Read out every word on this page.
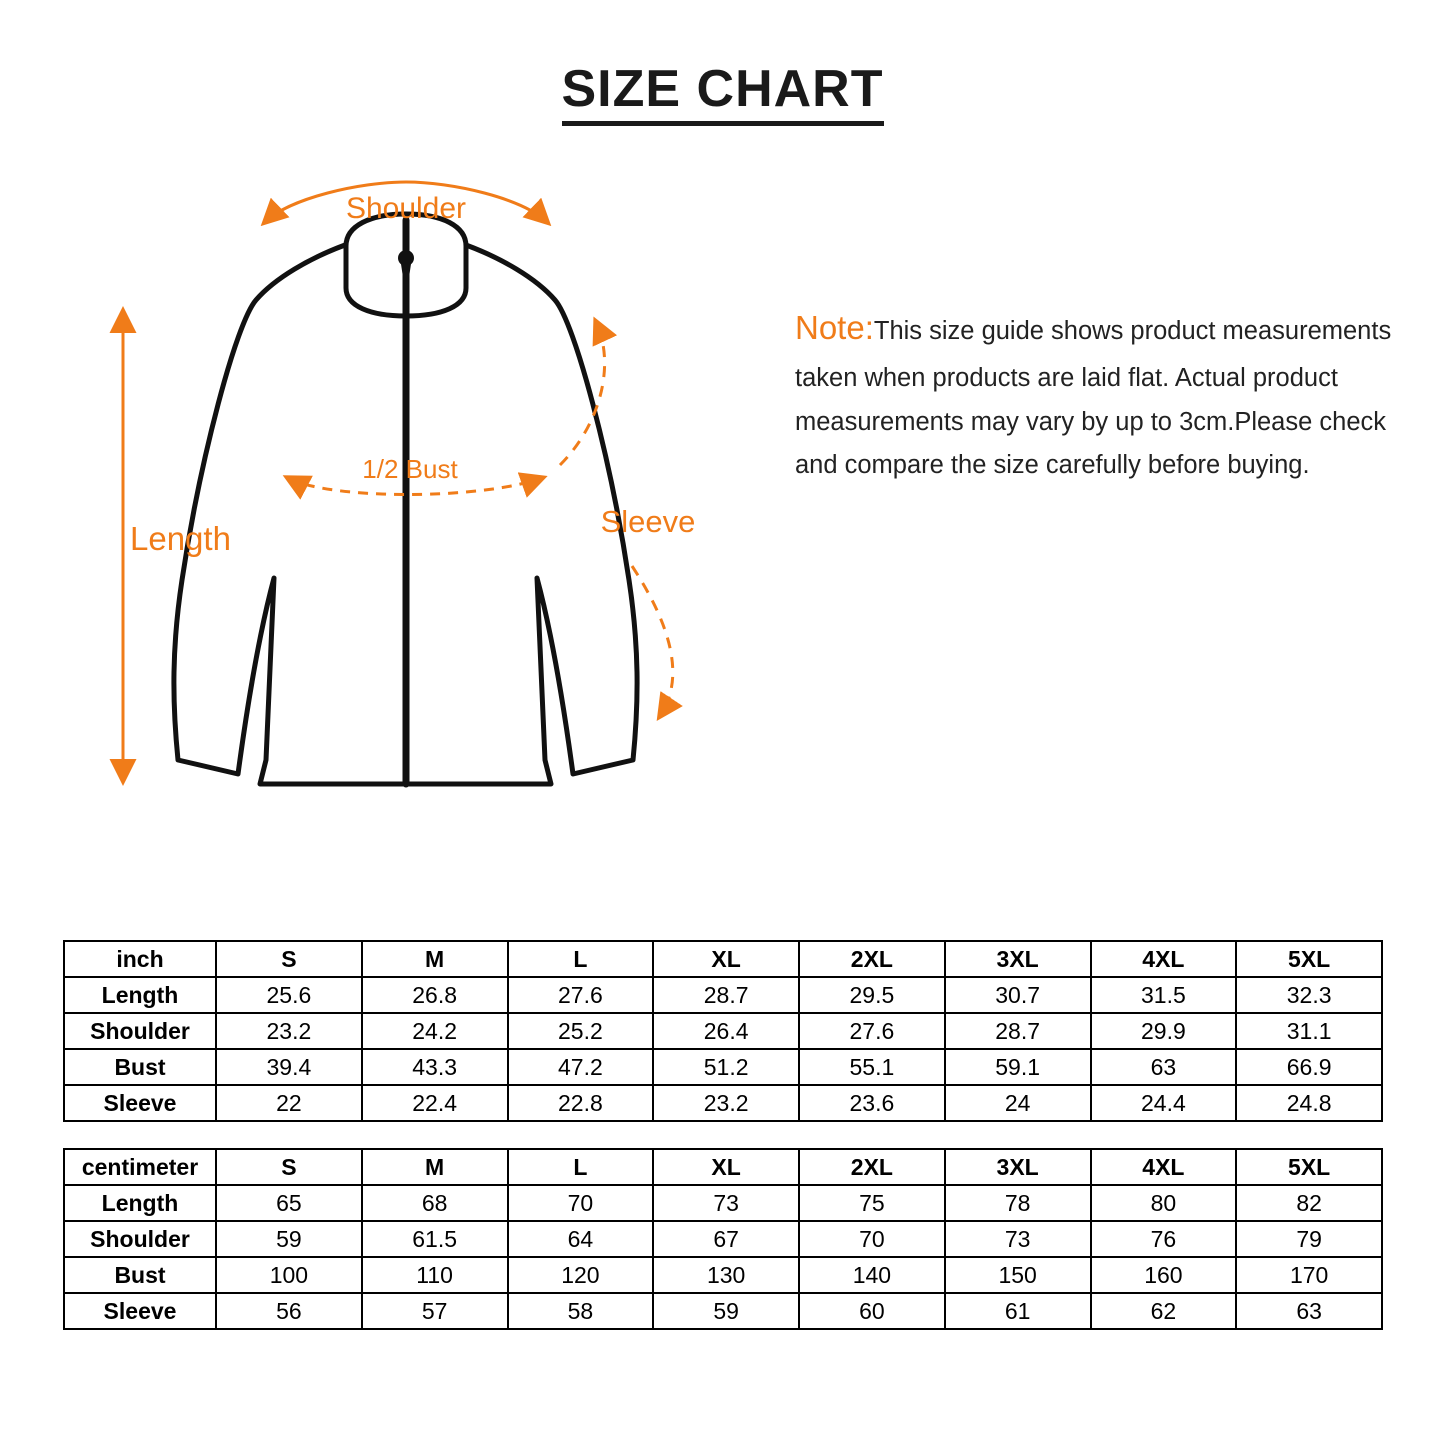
SIZE CHART
Shoulder
1/2 Bust
Length	Sleeve
Note:This size guide shows product measurements taken when products are laid flat. Actual product measurements may vary by up to 3cm.Please check and compare the size carefully before buying.
inch	S	M	L	XL	2XL	3XL	4XL	5XL
Length	25.6	26.8	27.6	28.7	29.5	30.7	31.5	32.3
Shoulder	23.2	24.2	25.2	26.4	27.6	28.7	29.9	31.1
Bust	39.4	43.3	47.2	51.2	55.1	59.1	63	66.9
Sleeve	22	22.4	22.8	23.2	23.6	24	24.4	24.8
centimeter	S	M	L	XL	2XL	3XL	4XL	5XL
Length	65	68	70	73	75	78	80	82
Shoulder	59	61.5	64	67	70	73	76	79
Bust	100	110	120	130	140	150	160	170
Sleeve	56	57	58	59	60	61	62	63
